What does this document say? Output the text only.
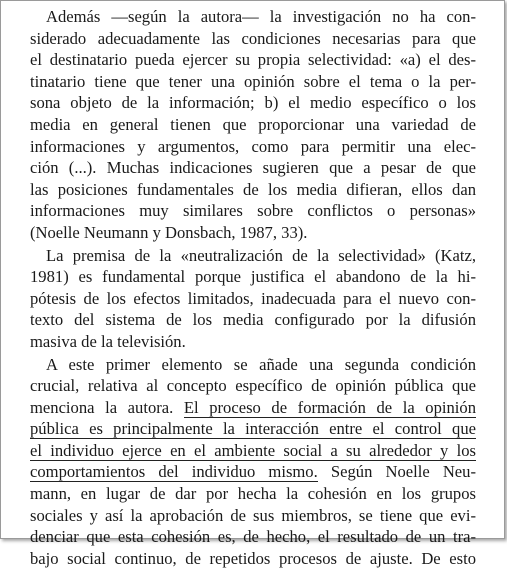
Además —según la autora— la investigación no ha con-
siderado adecuadamente las condiciones necesarias para que
el destinatario pueda ejercer su propia selectividad: «a) el des-
tinatario tiene que tener una opinión sobre el tema o la per-
sona objeto de la información; b) el medio específico o los
media en general tienen que proporcionar una variedad de
informaciones y argumentos, como para permitir una elec-
ción (...). Muchas indicaciones sugieren que a pesar de que
las posiciones fundamentales de los media difieran, ellos dan
informaciones muy similares sobre conflictos o personas»
(Noelle Neumann y Donsbach, 1987, 33).
La premisa de la «neutralización de la selectividad» (Katz,
1981) es fundamental porque justifica el abandono de la hi-
pótesis de los efectos limitados, inadecuada para el nuevo con-
texto del sistema de los media configurado por la difusión
masiva de la televisión.
A este primer elemento se añade una segunda condición
crucial, relativa al concepto específico de opinión pública que
menciona la autora. El proceso de formación de la opinión
pública es principalmente la interacción entre el control que
el individuo ejerce en el ambiente social a su alrededor y los
comportamientos del individuo mismo. Según Noelle Neu-
mann, en lugar de dar por hecha la cohesión en los grupos
sociales y así la aprobación de sus miembros, se tiene que evi-
denciar que esta cohesión es, de hecho, el resultado de un tra-
bajo social continuo, de repetidos procesos de ajuste. De esto
